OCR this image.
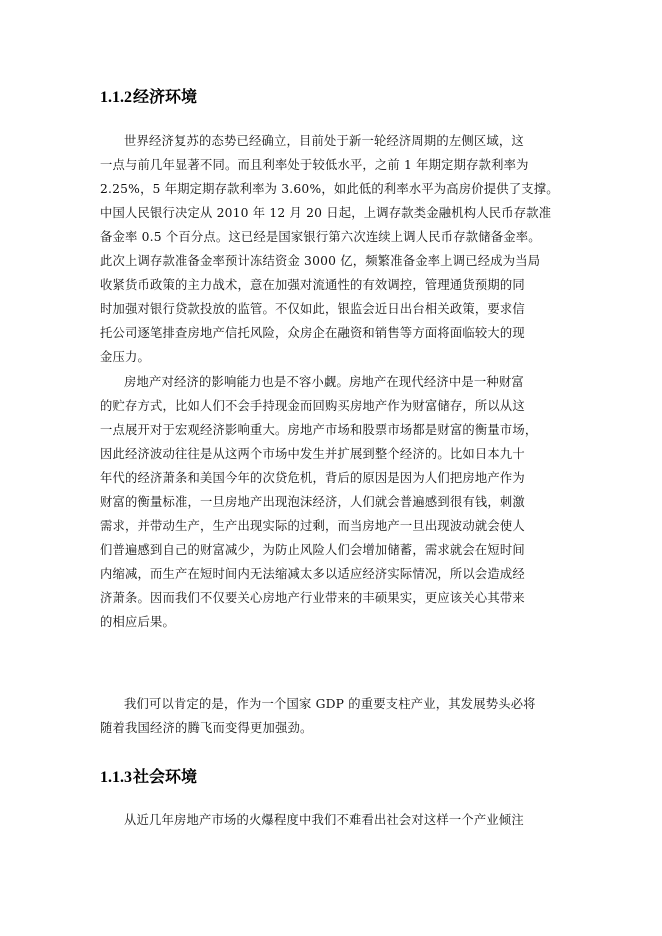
1.1.2经济环境
世界经济复苏的态势已经确立，目前处于新一轮经济周期的左侧区域，这
一点与前几年显著不同。而且利率处于较低水平，之前 1 年期定期存款利率为
2.25%，5 年期定期存款利率为 3.60%，如此低的利率水平为高房价提供了支撑。
中国人民银行决定从 2010 年 12 月 20 日起，上调存款类金融机构人民币存款准
备金率 0.5 个百分点。这已经是国家银行第六次连续上调人民币存款储备金率。
此次上调存款准备金率预计冻结资金 3000 亿，频繁准备金率上调已经成为当局
收紧货币政策的主力战术，意在加强对流通性的有效调控，管理通货预期的同
时加强对银行贷款投放的监管。不仅如此，银监会近日出台相关政策，要求信
托公司逐笔排查房地产信托风险，众房企在融资和销售等方面将面临较大的现
金压力。
房地产对经济的影响能力也是不容小觑。房地产在现代经济中是一种财富
的贮存方式，比如人们不会手持现金而回购买房地产作为财富储存，所以从这
一点展开对于宏观经济影响重大。房地产市场和股票市场都是财富的衡量市场，
因此经济波动往往是从这两个市场中发生并扩展到整个经济的。比如日本九十
年代的经济萧条和美国今年的次贷危机，背后的原因是因为人们把房地产作为
财富的衡量标准，一旦房地产出现泡沫经济，人们就会普遍感到很有钱，刺激
需求，并带动生产，生产出现实际的过剩，而当房地产一旦出现波动就会使人
们普遍感到自己的财富减少，为防止风险人们会增加储蓄，需求就会在短时间
内缩减，而生产在短时间内无法缩减太多以适应经济实际情况，所以会造成经
济萧条。因而我们不仅要关心房地产行业带来的丰硕果实，更应该关心其带来
的相应后果。
我们可以肯定的是，作为一个国家 GDP 的重要支柱产业，其发展势头必将
随着我国经济的腾飞而变得更加强劲。
1.1.3社会环境
从近几年房地产市场的火爆程度中我们不难看出社会对这样一个产业倾注
